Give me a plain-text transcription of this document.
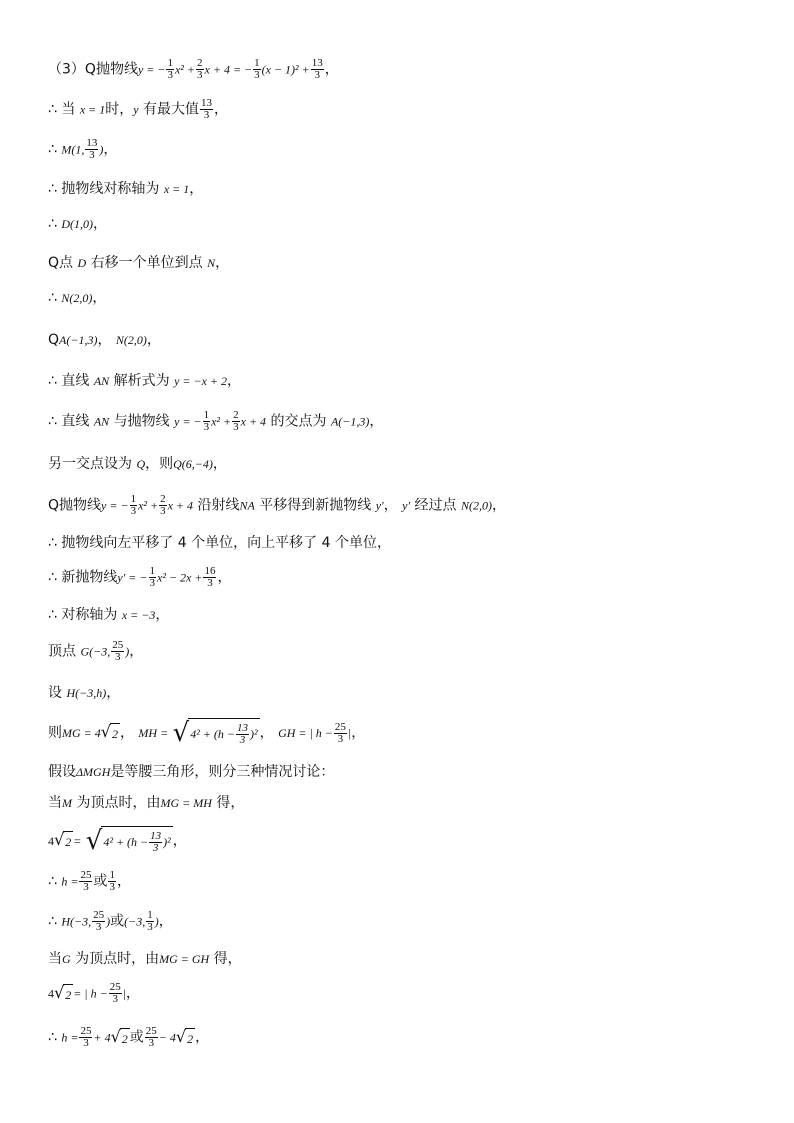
（3）Q抛物线y = − $\frac{1}{3} x^2 + \frac{2}{3}$ x + 4 = − $\frac{1}{3} (x - 1)^2 + \frac{13}{3}$ ，
∴ 当 x = 1时，y 有最大值 $\frac{13}{3}$ ，
∴ M(1, $\frac{13}{3}$ )，
∴ 抛物线对称轴为 x = 1，
∴ D(1,0)，
Q点 D 右移一个单位到点 N，
∴ N(2,0)，
QA(−1,3)， N(2,0)，
∴ 直线 AN 解析式为 y = −x + 2，
∴ 直线 AN 与抛物线 y = − $\frac{1}{3} x^2 + \frac{2}{3}$ x + 4 的交点为 A(−1,3)，
另一交点设为 Q，则Q(6,−4)，
Q抛物线y = − $\frac{1}{3} x^2 + \frac{2}{3}$ x + 4 沿射线NA 平移得到新抛物线 y′， y′ 经过点 N(2,0)，
∴ 抛物线向左平移了 4 个单位，向上平移了 4 个单位，
∴ 新抛物线y′ = − $\frac{1}{3} x^2 - 2x + \frac{16}{3}$ ，
∴ 对称轴为 x = −3，
顶点 G(−3, $\frac{25}{3}$ )，
设 H(−3,h)，
则MG = 4 √ 2 ， MH = √ $4^2 + (h - \frac{13}{3} )^2$ ， GH = | $h - \frac{25}{3}$ |，
假设ΔMGH是等腰三角形，则分三种情况讨论：
当M 为顶点时，由MG = MH 得，
4 √ 2 = √ $4^2 + (h - \frac{13}{3} )^2$ ，
∴ $h = \frac{25}{3}$ 或 $\frac{1}{3}$ ，
∴ H(−3, $\frac{25}{3}$ )或(−3, $\frac{1}{3}$ )，
当G 为顶点时，由MG = GH 得，
4 √ 2 = | $h - \frac{25}{3}$ |，
∴ $h = \frac{25}{3} + 4$ √ 2 或 $\frac{25}{3} - 4$ √ 2 ，
